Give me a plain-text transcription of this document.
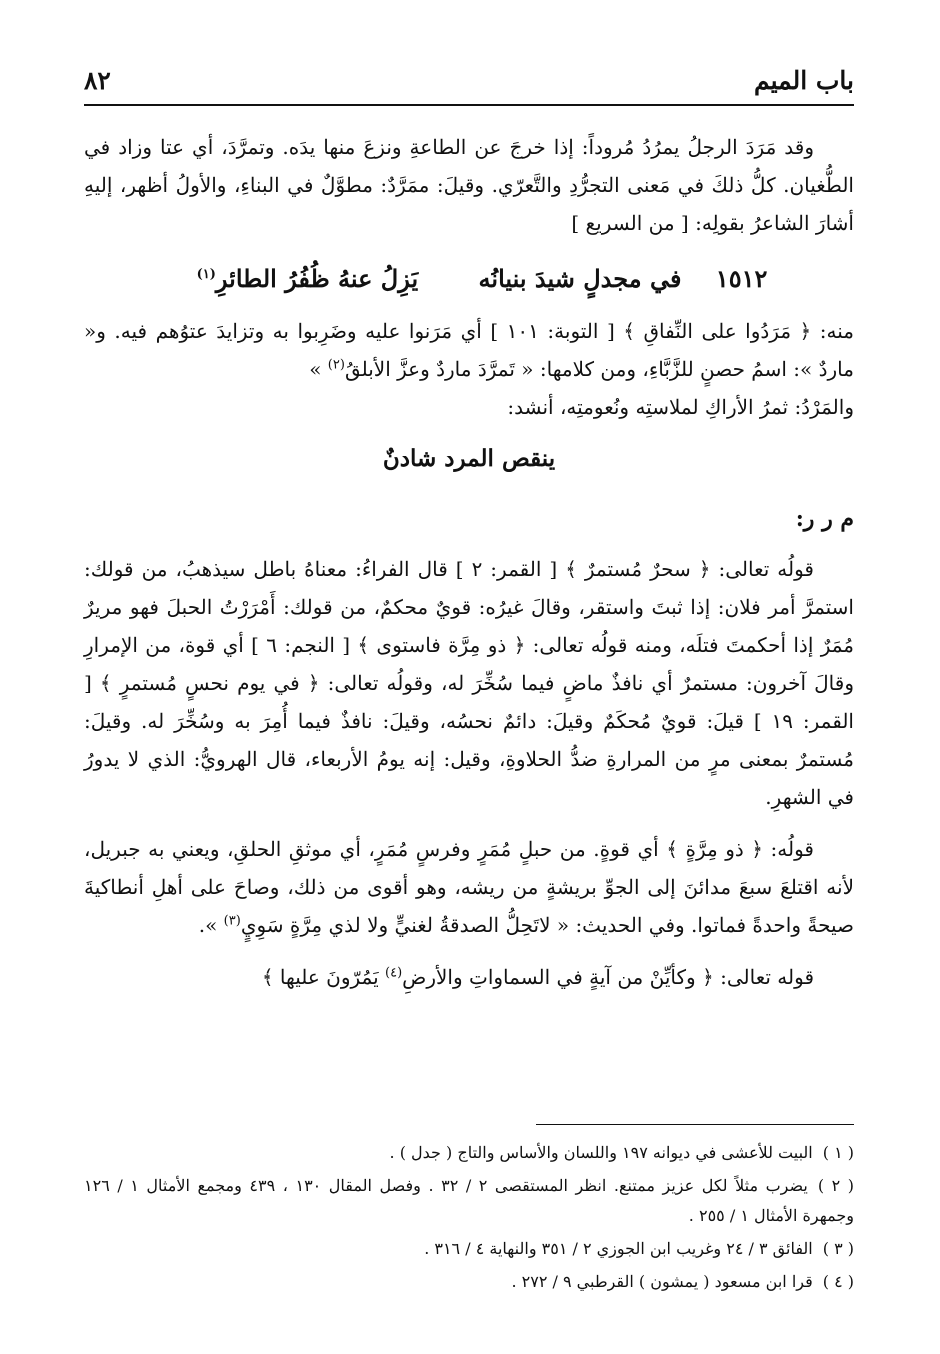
باب الميم
٨٢

وقد مَرَدَ الرجلُ يمرُدُ مُروداً: إذا خرجَ عن الطاعةِ ونزعَ منها يدَه. وتمرَّدَ، أي عتا وزاد في الطُّغيان. كلُّ ذلكَ في مَعنى التجرُّدِ والتَّعرّي. وقيلَ: ممَرَّدٌ: مطوَّلٌ في البناءِ، والأولُ أظهر، إليهِ أشارَ الشاعرُ بقولِه: [ من السريع ]

١٥١٢ في مجدلٍ شيدَ بنيانُه يَزِلُ عنهُ ظُفُرُ الطائرِ$^{(١)}$

منه: ﴿ مَرَدُوا على النِّفاقِ ﴾ [ التوبة: ١٠١ ] أي مَرَنوا عليه وضَرِبوا به وتزايدَ عتوُهم فيه. و« ماردٌ »: اسمُ حصنٍ للزَّبَّاءِ، ومن كلامها: « تَمرَّدَ ماردٌ وعزَّ الأبلقُ$^{(٢)}$ »
والمَرْدُ: ثمرُ الأراكِ لملاستِه ونُعومتِه، أنشد:

ينقص المرد شادنٌ
م ر ر:

قولُه تعالى: ﴿ سحرٌ مُستمرٌ ﴾ [ القمر: ٢ ] قال الفراءُ: معناهُ باطل سيذهبُ، من قولك: استمرَّ أمر فلان: إذا ثبتَ واستقر، وقالَ غيرُه: قويٌ محكمٌ، من قولك: أَمْرَرْتُ الحبلَ فهو مريرٌ مُمَرٌ إذا أحكمتَ فتلَه، ومنه قولُه تعالى: ﴿ ذو مِرَّة فاستوى ﴾ [ النجم: ٦ ] أي قوة، من الإمرارِ وقالَ آخرون: مستمرٌ أي نافذٌ ماضٍ فيما سُخِّرَ له، وقولُه تعالى: ﴿ في يوم نحسٍ مُستمرٍ ﴾ [ القمر: ١٩ ] قيلَ: قويٌ مُحكَمٌ وقيلَ: دائمٌ نحسُه، وقيلَ: نافذٌ فيما أُمِرَ به وسُخِّرَ له. وقيلَ: مُستمرٌ بمعنى مرٍ من المرارةِ ضدُّ الحلاوةِ، وقيل: إنه يومُ الأربعاء، قال الهرويُّ: الذي لا يدورُ في الشهرِ.

قولُه: ﴿ ذو مِرَّةٍ ﴾ أي قوةٍ. من حبلٍ مُمَرٍ وفرسٍ مُمَرٍ، أي موثقِ الحلقِ، ويعني به جبريل، لأنه اقتلعَ سبعَ مدائنَ إلى الجوِّ بريشةٍ من ريشه، وهو أقوى من ذلك، وصاحَ على أهلِ أنطاكيةَ صيحةً واحدةً فماتوا. وفي الحديث: « لاتَحِلُّ الصدقةُ لغنيٍّ ولا لذي مِرَّةٍ سَوِيٍ$^{(٣)}$ ».

قوله تعالى: ﴿ وكأيِّنْ من آيةٍ في السماواتِ والأرضِ$^{(٤)}$ يَمُرّونَ عليها ﴾

( ١ )البيت للأعشى في ديوانه ١٩٧ واللسان والأساس والتاج ( جدل ) .
( ٢ )يضرب مثلاً لكل عزيز ممتنع. انظر المستقصى ٢ / ٣٢ . وفصل المقال ١٣٠ ، ٤٣٩ ومجمع الأمثال ١ / ١٢٦ وجمهرة الأمثال ١ / ٢٥٥ .
( ٣ )الفائق ٣ / ٢٤ وغريب ابن الجوزي ٢ / ٣٥١ والنهاية ٤ / ٣١٦ .
( ٤ )قرا ابن مسعود ( يمشون ) القرطبي ٩ / ٢٧٢ .
